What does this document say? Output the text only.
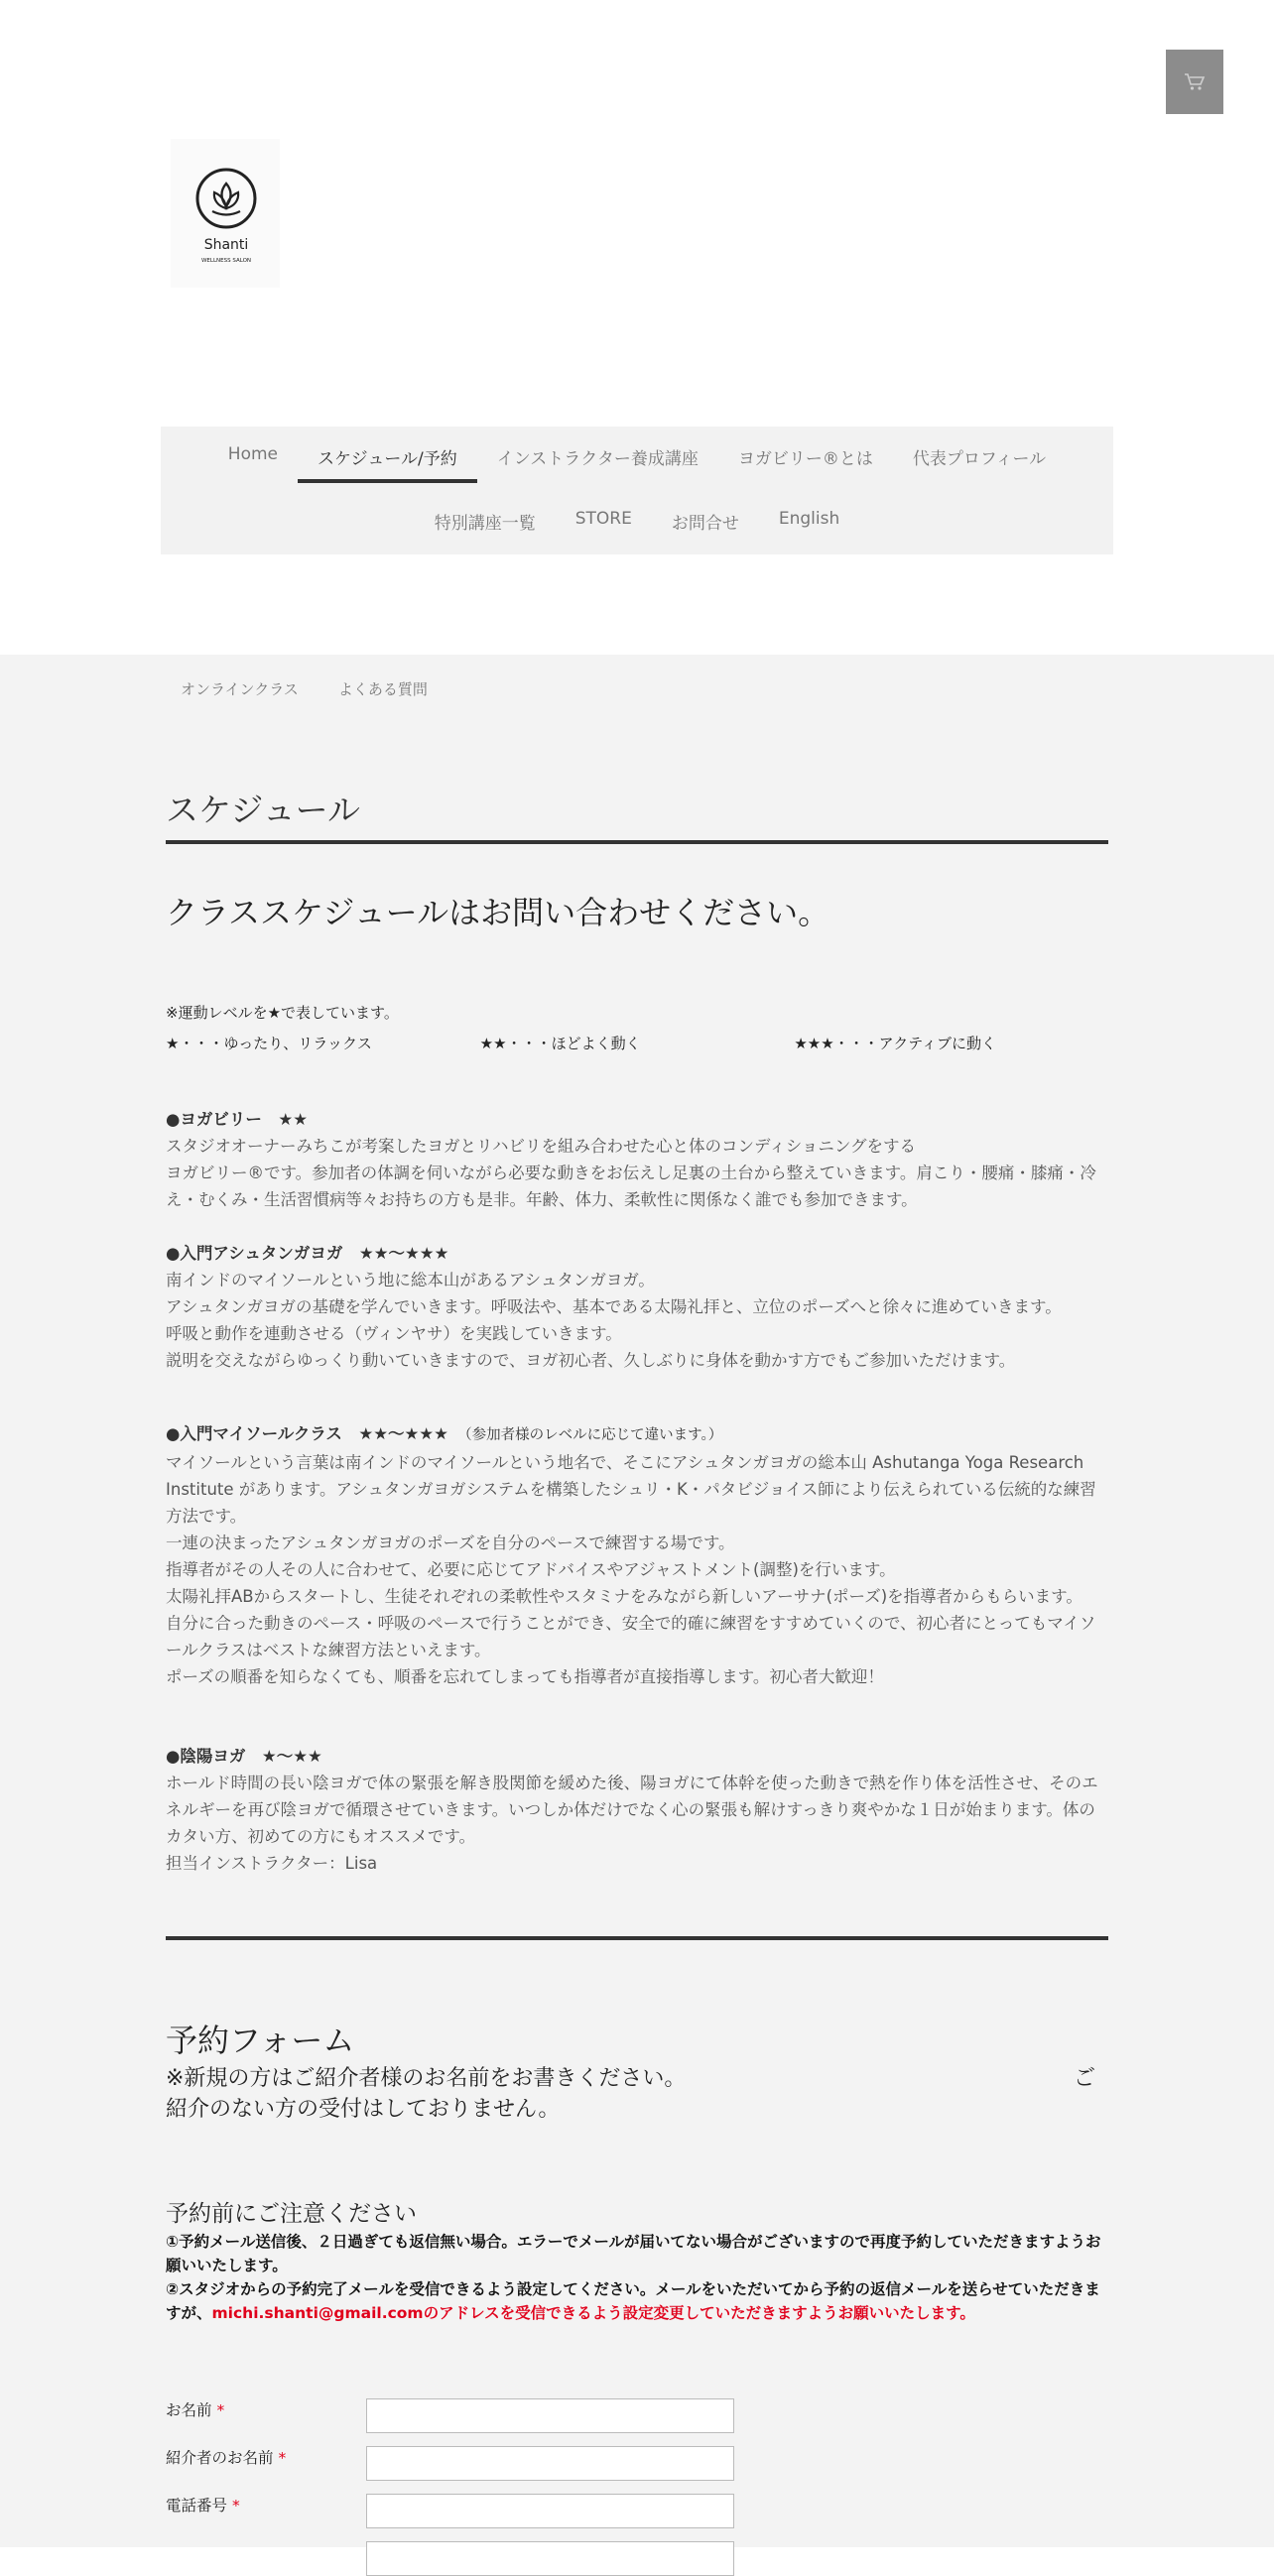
Shanti
WELLNESS SALON
Home	スケジュール/予約	インストラクター養成講座	ヨガビリー®とは	代表プロフィール
特別講座一覧	STORE	お問合せ	English
オンラインクラス	よくある質問
スケジュール
クラススケジュールはお問い合わせください。
※運動レベルを★で表しています。
★・・・ゆったり、リラックス	★★・・・ほどよく動く	★★★・・・アクティブに動く
●ヨガビリー　★★
スタジオオーナーみちこが考案したヨガとリハビリを組み合わせた心と体のコンディショニングをする
ヨガビリー®です。参加者の体調を伺いながら必要な動きをお伝えし足裏の土台から整えていきます。肩こり・腰痛・膝痛・冷え・むくみ・生活習慣病等々お持ちの方も是非。年齢、体力、柔軟性に関係なく誰でも参加できます。
●入門アシュタンガヨガ　★★〜★★★
南インドのマイソールという地に総本山があるアシュタンガヨガ。
アシュタンガヨガの基礎を学んでいきます。呼吸法や、基本である太陽礼拝と、立位のポーズへと徐々に進めていきます。
呼吸と動作を連動させる（ヴィンヤサ）を実践していきます。
説明を交えながらゆっくり動いていきますので、ヨガ初心者、久しぶりに身体を動かす方でもご参加いただけます。
●入門マイソールクラス　★★〜★★★　 （参加者様のレベルに応じて違います。）
マイソールという言葉は南インドのマイソールという地名で、そこにアシュタンガヨガの総本山 Ashutanga Yoga Research Institute があります。アシュタンガヨガシステムを構築したシュリ・K・パタビジョイス師により伝えられている伝統的な練習方法です。
一連の決まったアシュタンガヨガのポーズを自分のペースで練習する場です。
指導者がその人その人に合わせて、必要に応じてアドバイスやアジャストメント(調整)を行います。
太陽礼拝ABからスタートし、生徒それぞれの柔軟性やスタミナをみながら新しいアーサナ(ポーズ)を指導者からもらいます。
自分に合った動きのペース・呼吸のペースで行うことができ、安全で的確に練習をすすめていくので、初心者にとってもマイソールクラスはベストな練習方法といえます。
ポーズの順番を知らなくても、順番を忘れてしまっても指導者が直接指導します。初心者大歓迎！
●陰陽ヨガ　★〜★★
ホールド時間の長い陰ヨガで体の緊張を解き股関節を緩めた後、陽ヨガにて体幹を使った動きで熱を作り体を活性させ、そのエネルギーを再び陰ヨガで循環させていきます。いつしか体だけでなく心の緊張も解けすっきり爽やかな１日が始まります。体のカタい方、初めての方にもオススメです。
担当インストラクター：Lisa
予約フォーム
※新規の方はご紹介者様のお名前をお書きください。	ご
紹介のない方の受付はしておりません。
予約前にご注意ください
①予約メール送信後、２日過ぎても返信無い場合。エラーでメールが届いてない場合がございますので再度予約していただきますようお願いいたします。
②スタジオからの予約完了メールを受信できるよう設定してください。メールをいただいてから予約の返信メールを送らせていただきますが、michi.shanti@gmail.comのアドレスを受信できるよう設定変更していただきますようお願いいたします。
お名前 *
紹介者のお名前 *
電話番号 *
